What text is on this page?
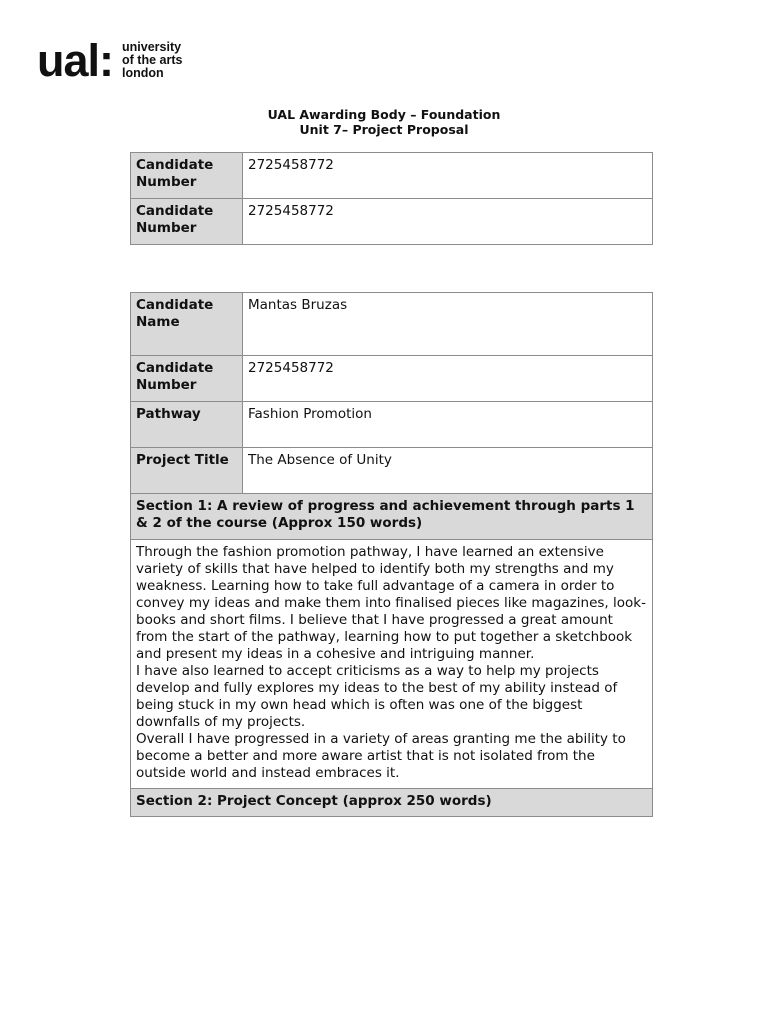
ual: university
of the arts
london
UAL Awarding Body – Foundation
Unit 7– Project Proposal
Candidate Number	2725458772
Candidate Number	2725458772
Candidate Name	Mantas Bruzas
Candidate Number	2725458772
Pathway	Fashion Promotion
Project Title	The Absence of Unity
Section 1: A review of progress and achievement through parts 1 & 2 of the course (Approx 150 words)	

Through the fashion promotion pathway, I have learned an extensive variety of skills that have helped to identify both my strengths and my weakness. Learning how to take full advantage of a camera in order to convey my ideas and make them into finalised pieces like magazines, look-books and short films. I believe that I have progressed a great amount from the start of the pathway, learning how to put together a sketchbook and present my ideas in a cohesive and intriguing manner.

I have also learned to accept criticisms as a way to help my projects develop and fully explores my ideas to the best of my ability instead of being stuck in my own head which is often was one of the biggest downfalls of my projects.

Overall I have progressed in a variety of areas granting me the ability to become a better and more aware artist that is not isolated from the outside world and instead embraces it.	

Section 2: Project Concept (approx 250 words)	
